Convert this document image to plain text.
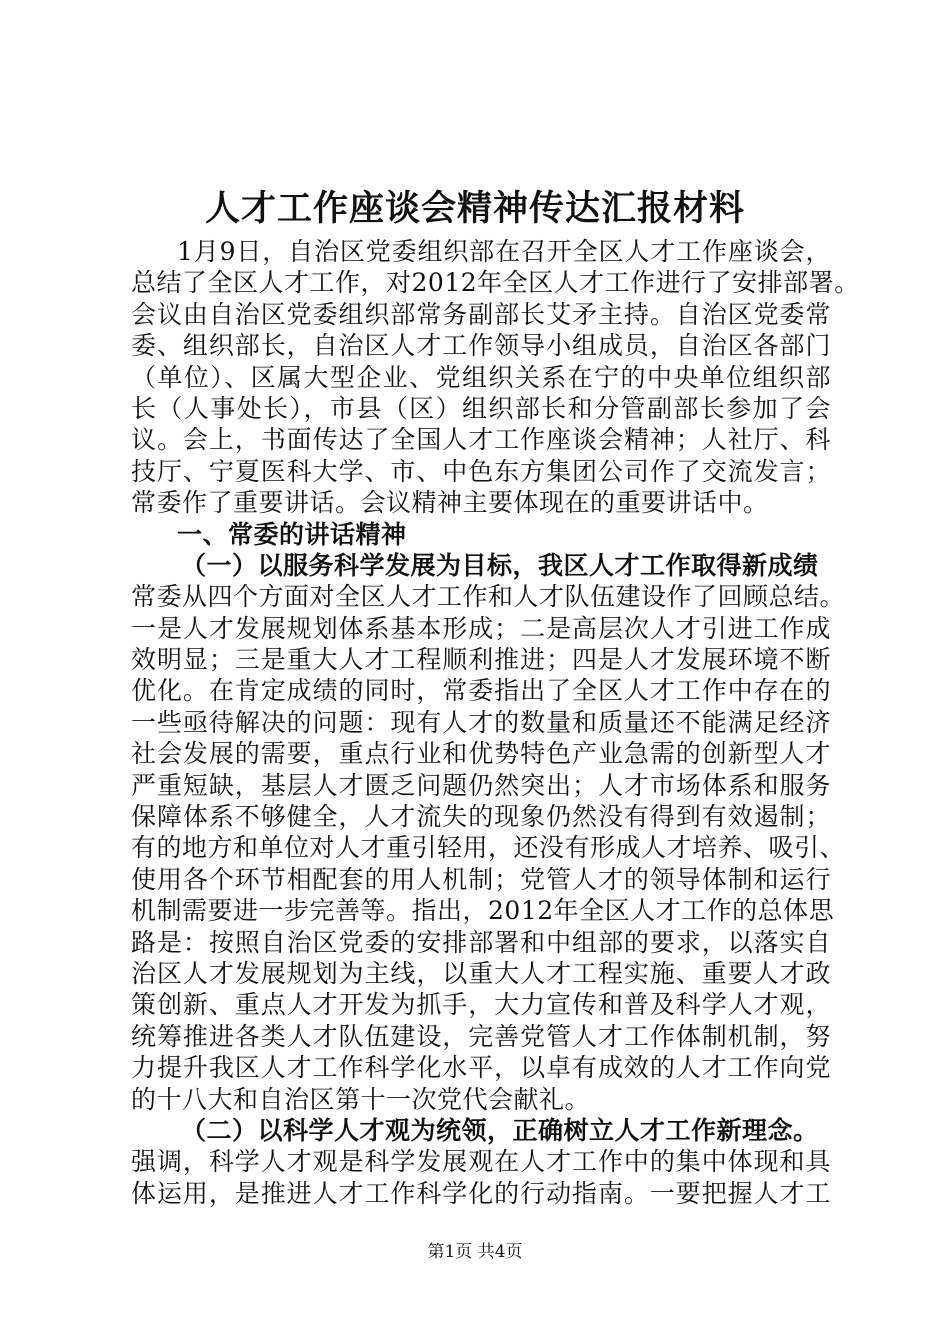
人才工作座谈会精神传达汇报材料
1月9日，自治区党委组织部在召开全区人才工作座谈会，
总结了全区人才工作，对2012年全区人才工作进行了安排部署。
会议由自治区党委组织部常务副部长艾矛主持。自治区党委常
委、组织部长，自治区人才工作领导小组成员，自治区各部门
（单位）、区属大型企业、党组织关系在宁的中央单位组织部
长（人事处长），市县（区）组织部长和分管副部长参加了会
议。会上，书面传达了全国人才工作座谈会精神；人社厅、科
技厅、宁夏医科大学、市、中色东方集团公司作了交流发言；
常委作了重要讲话。会议精神主要体现在的重要讲话中。
一、常委的讲话精神
（一）以服务科学发展为目标，我区人才工作取得新成绩
常委从四个方面对全区人才工作和人才队伍建设作了回顾总结。
一是人才发展规划体系基本形成；二是高层次人才引进工作成
效明显；三是重大人才工程顺利推进；四是人才发展环境不断
优化。在肯定成绩的同时，常委指出了全区人才工作中存在的
一些亟待解决的问题：现有人才的数量和质量还不能满足经济
社会发展的需要，重点行业和优势特色产业急需的创新型人才
严重短缺，基层人才匮乏问题仍然突出；人才市场体系和服务
保障体系不够健全，人才流失的现象仍然没有得到有效遏制；
有的地方和单位对人才重引轻用，还没有形成人才培养、吸引、
使用各个环节相配套的用人机制；党管人才的领导体制和运行
机制需要进一步完善等。指出，2012年全区人才工作的总体思
路是：按照自治区党委的安排部署和中组部的要求，以落实自
治区人才发展规划为主线，以重大人才工程实施、重要人才政
策创新、重点人才开发为抓手，大力宣传和普及科学人才观，
统筹推进各类人才队伍建设，完善党管人才工作体制机制，努
力提升我区人才工作科学化水平，以卓有成效的人才工作向党
的十八大和自治区第十一次党代会献礼。
（二）以科学人才观为统领，正确树立人才工作新理念。
强调，科学人才观是科学发展观在人才工作中的集中体现和具
体运用，是推进人才工作科学化的行动指南。一要把握人才工
第1页 共4页
